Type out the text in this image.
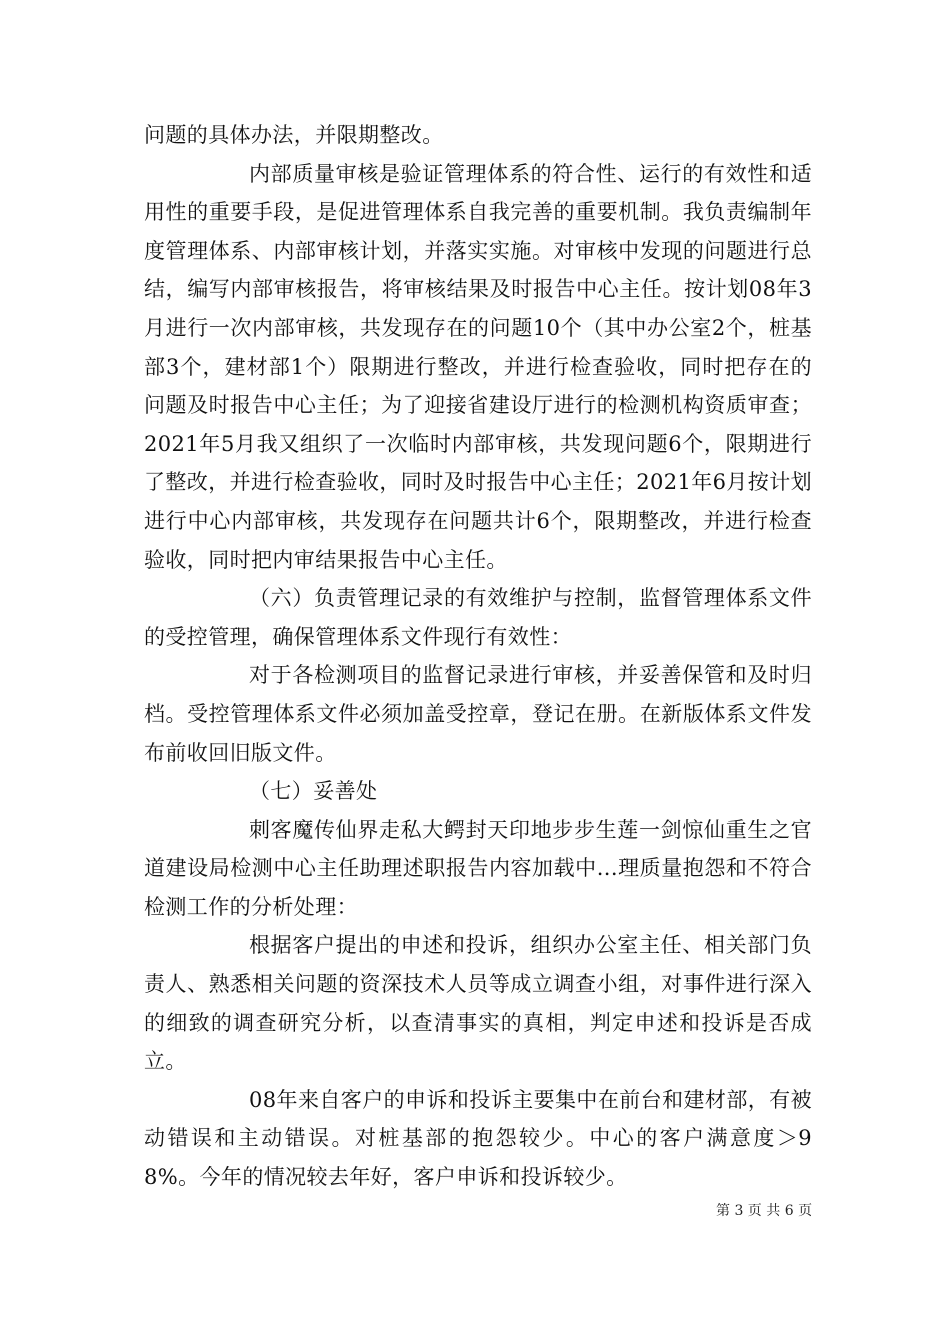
问题的具体办法，并限期整改。

内部质量审核是验证管理体系的符合性、运行的有效性和适用性的重要手段，是促进管理体系自我完善的重要机制。我负责编制年度管理体系、内部审核计划，并落实实施。对审核中发现的问题进行总结，编写内部审核报告，将审核结果及时报告中心主任。按计划08年3月进行一次内部审核，共发现存在的问题10个（其中办公室2个，桩基部3个，建材部1个）限期进行整改，并进行检查验收，同时把存在的问题及时报告中心主任；为了迎接省建设厅进行的检测机构资质审查；2021年5月我又组织了一次临时内部审核，共发现问题6个，限期进行了整改，并进行检查验收，同时及时报告中心主任；2021年6月按计划进行中心内部审核，共发现存在问题共计6个，限期整改，并进行检查验收，同时把内审结果报告中心主任。

（六）负责管理记录的有效维护与控制，监督管理体系文件的受控管理，确保管理体系文件现行有效性：

对于各检测项目的监督记录进行审核，并妥善保管和及时归档。受控管理体系文件必须加盖受控章，登记在册。在新版体系文件发布前收回旧版文件。

（七）妥善处

刺客魔传仙界走私大鳄封天印地步步生莲一剑惊仙重生之官道建设局检测中心主任助理述职报告内容加载中...理质量抱怨和不符合检测工作的分析处理：

根据客户提出的申述和投诉，组织办公室主任、相关部门负责人、熟悉相关问题的资深技术人员等成立调查小组，对事件进行深入的细致的调查研究分析，以查清事实的真相，判定申述和投诉是否成立。

08年来自客户的申诉和投诉主要集中在前台和建材部，有被动错误和主动错误。对桩基部的抱怨较少。中心的客户满意度＞98%。今年的情况较去年好，客户申诉和投诉较少。

第 3 页 共 6 页
